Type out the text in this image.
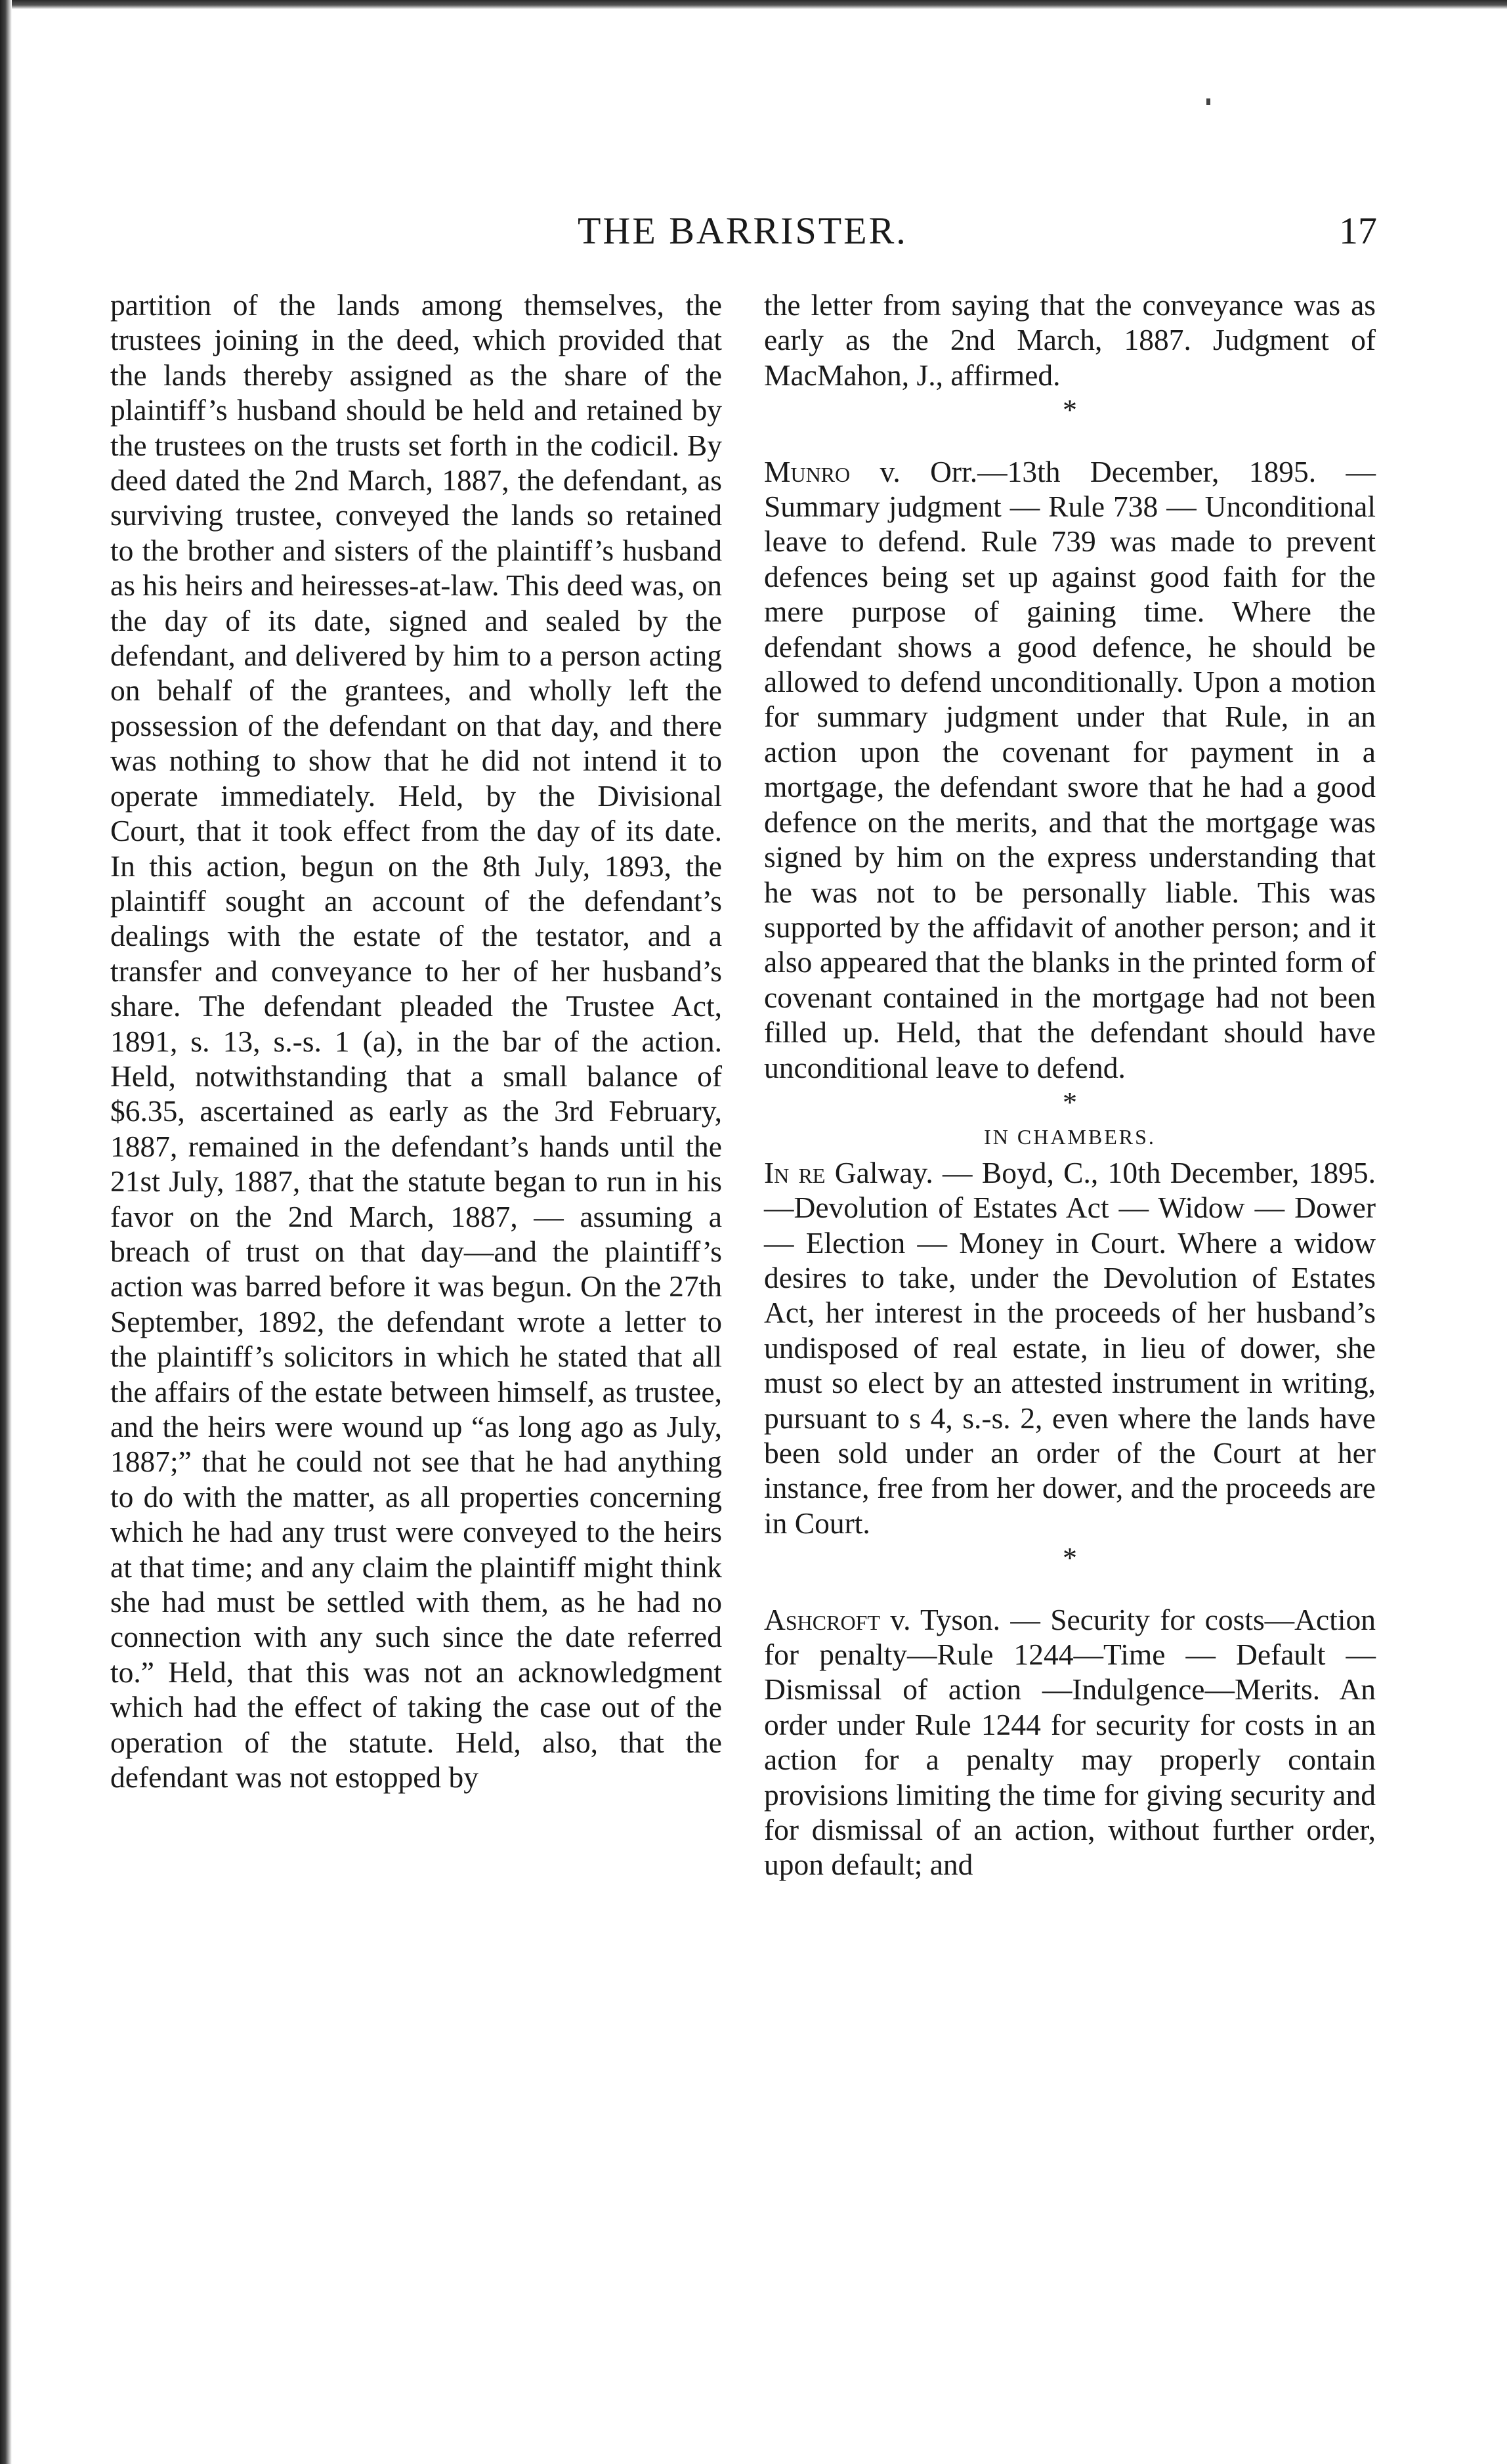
THE BARRISTER.	17

partition of the lands among themselves, the trustees joining in the deed, which provided that the lands thereby assigned as the share of the plaintiff’s husband should be held and retained by the trustees on the trusts set forth in the codicil. By deed dated the 2nd March, 1887, the defendant, as surviving trustee, conveyed the lands so retained to the brother and sisters of the plaintiff’s husband as his heirs and heiresses-at-law. This deed was, on the day of its date, signed and sealed by the defendant, and delivered by him to a person acting on behalf of the grantees, and wholly left the possession of the defendant on that day, and there was nothing to show that he did not intend it to operate immediately. Held, by the Divisional Court, that it took effect from the day of its date. In this action, begun on the 8th July, 1893, the plaintiff sought an account of the defendant’s dealings with the estate of the testator, and a transfer and conveyance to her of her husband’s share. The defendant pleaded the Trustee Act, 1891, s. 13, s.-s. 1 (a), in the bar of the action. Held, notwithstanding that a small balance of $6.35, ascertained as early as the 3rd February, 1887, remained in the defendant’s hands until the 21st July, 1887, that the statute began to run in his favor on the 2nd March, 1887, — assuming a breach of trust on that day—and the plaintiff’s action was barred before it was begun. On the 27th September, 1892, the defendant wrote a letter to the plaintiff’s solicitors in which he stated that all the affairs of the estate between himself, as trustee, and the heirs were wound up “as long ago as July, 1887;” that he could not see that he had anything to do with the matter, as all properties concerning which he had any trust were conveyed to the heirs at that time; and any claim the plaintiff might think she had must be settled with them, as he had no connection with any such since the date referred to.” Held, that this was not an acknowledgment which had the effect of taking the case out of the operation of the statute. Held, also, that the defendant was not estopped by

the letter from saying that the conveyance was as early as the 2nd March, 1887. Judgment of MacMahon, J., affirmed.

*

Munro v. Orr.—13th December, 1895. — Summary judgment — Rule 738 — Unconditional leave to defend. Rule 739 was made to prevent defences being set up against good faith for the mere purpose of gaining time. Where the defendant shows a good defence, he should be allowed to defend unconditionally. Upon a motion for summary judgment under that Rule, in an action upon the covenant for payment in a mortgage, the defendant swore that he had a good defence on the merits, and that the mortgage was signed by him on the express understanding that he was not to be personally liable. This was supported by the affidavit of another person; and it also appeared that the blanks in the printed form of covenant contained in the mortgage had not been filled up. Held, that the defendant should have unconditional leave to defend.

*

IN CHAMBERS.

In re Galway. — Boyd, C., 10th December, 1895.—Devolution of Estates Act — Widow — Dower — Election — Money in Court. Where a widow desires to take, under the Devolution of Estates Act, her interest in the proceeds of her husband’s undisposed of real estate, in lieu of dower, she must so elect by an attested instrument in writing, pursuant to s 4, s.-s. 2, even where the lands have been sold under an order of the Court at her instance, free from her dower, and the proceeds are in Court.

*

Ashcroft v. Tyson. — Security for costs—Action for penalty—Rule 1244—Time — Default — Dismissal of action —Indulgence—Merits. An order under Rule 1244 for security for costs in an action for a penalty may properly contain provisions limiting the time for giving security and for dismissal of an action, without further order, upon default; and
